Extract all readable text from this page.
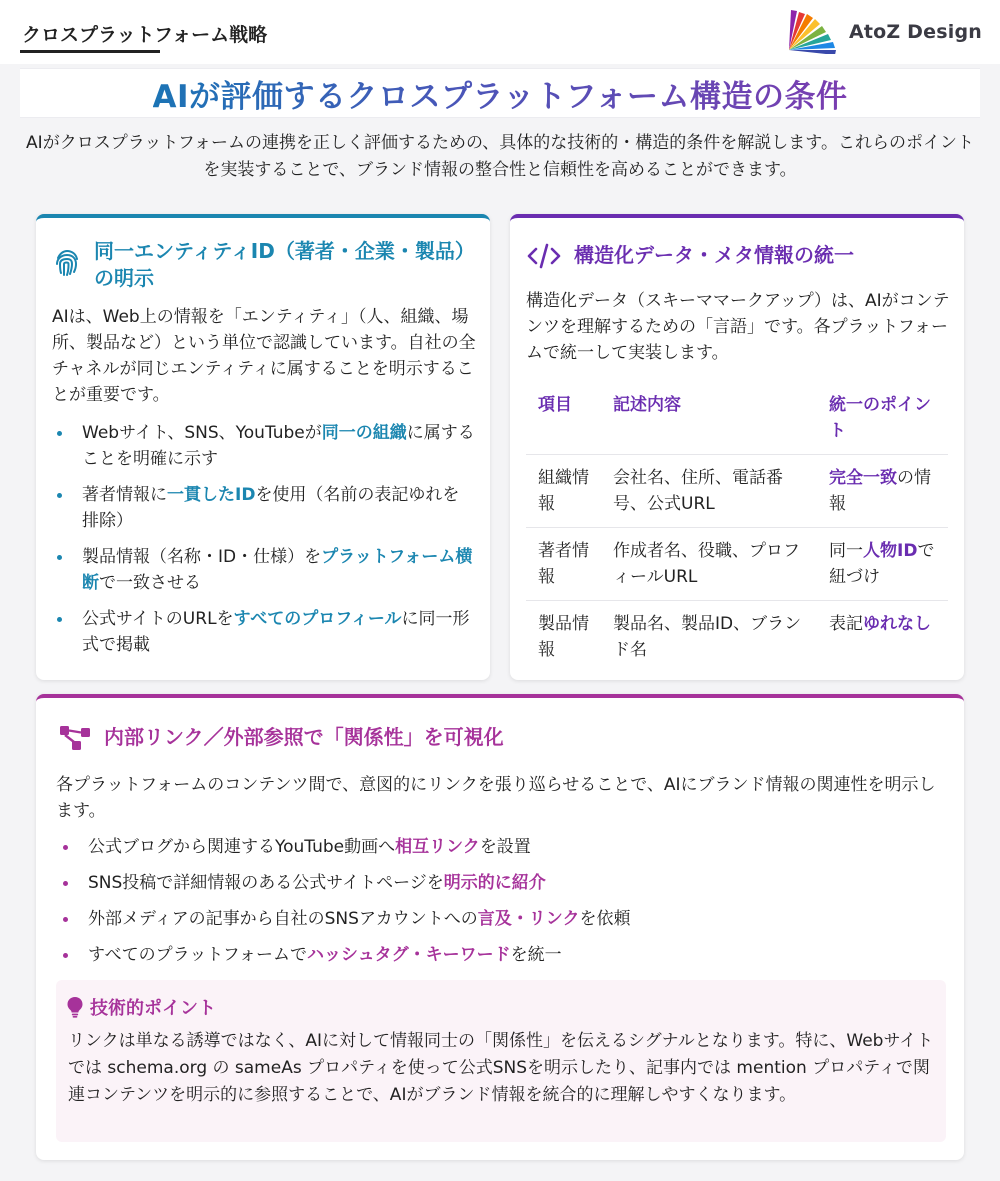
クロスプラットフォーム戦略	AtoZ Design
AIが評価するクロスプラットフォーム構造の条件

AIがクロスプラットフォームの連携を正しく評価するための、具体的な技術的・構造的条件を解説します。これらのポイントを実装することで、ブランド情報の整合性と信頼性を高めることができます。

同一エンティティID（著者・企業・製品）の明示

AIは、Web上の情報を「エンティティ」（人、組織、場所、製品など）という単位で認識しています。自社の全チャネルが同じエンティティに属することを明示することが重要です。

Webサイト、SNS、YouTubeが同一の組織に属することを明確に示す
著者情報に一貫したIDを使用（名前の表記ゆれを排除）
製品情報（名称・ID・仕様）をプラットフォーム横断で一致させる
公式サイトのURLをすべてのプロフィールに同一形式で掲載
構造化データ・メタ情報の統一

構造化データ（スキーママークアップ）は、AIがコンテンツを理解するための「言語」です。各プラットフォームで統一して実装します。

項目	記述内容	統一のポイント
組織情報	会社名、住所、電話番号、公式URL	完全一致の情報
著者情報	作成者名、役職、プロフィールURL	同一人物IDで紐づけ
製品情報	製品名、製品ID、ブランド名	表記ゆれなし
内部リンク／外部参照で「関係性」を可視化

各プラットフォームのコンテンツ間で、意図的にリンクを張り巡らせることで、AIにブランド情報の関連性を明示します。

公式ブログから関連するYouTube動画へ相互リンクを設置
SNS投稿で詳細情報のある公式サイトページを明示的に紹介
外部メディアの記事から自社のSNSアカウントへの言及・リンクを依頼
すべてのプラットフォームでハッシュタグ・キーワードを統一
技術的ポイント

リンクは単なる誘導ではなく、AIに対して情報同士の「関係性」を伝えるシグナルとなります。特に、Webサイトでは schema.org の sameAs プロパティを使って公式SNSを明示したり、記事内では mention プロパティで関連コンテンツを明示的に参照することで、AIがブランド情報を統合的に理解しやすくなります。
